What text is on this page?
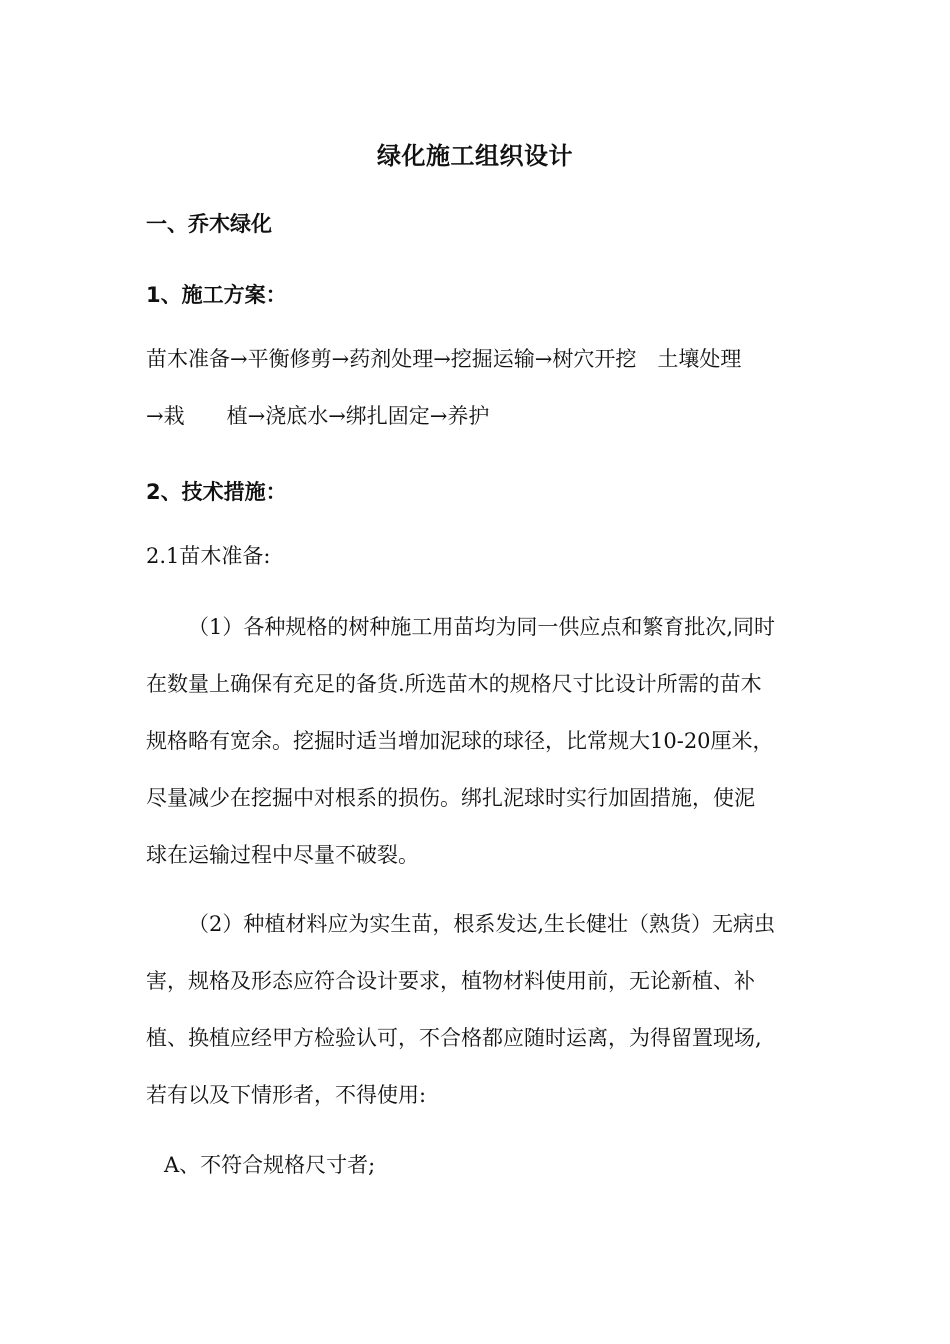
绿化施工组织设计
一、乔木绿化
1、施工方案：
苗木准备→平衡修剪→药剂处理→挖掘运输→树穴开挖　土壤处理
→栽　　植→浇底水→绑扎固定→养护
2、技术措施：
2.1苗木准备:
（1）各种规格的树种施工用苗均为同一供应点和繁育批次,同时
在数量上确保有充足的备货.所选苗木的规格尺寸比设计所需的苗木
规格略有宽余。挖掘时适当增加泥球的球径，比常规大10-20厘米，
尽量减少在挖掘中对根系的损伤。绑扎泥球时实行加固措施，使泥
球在运输过程中尽量不破裂。
（2）种植材料应为实生苗，根系发达,生长健壮（熟货）无病虫
害，规格及形态应符合设计要求，植物材料使用前，无论新植、补
植、换植应经甲方检验认可，不合格都应随时运离，为得留置现场,
若有以及下情形者，不得使用:
A、不符合规格尺寸者;
